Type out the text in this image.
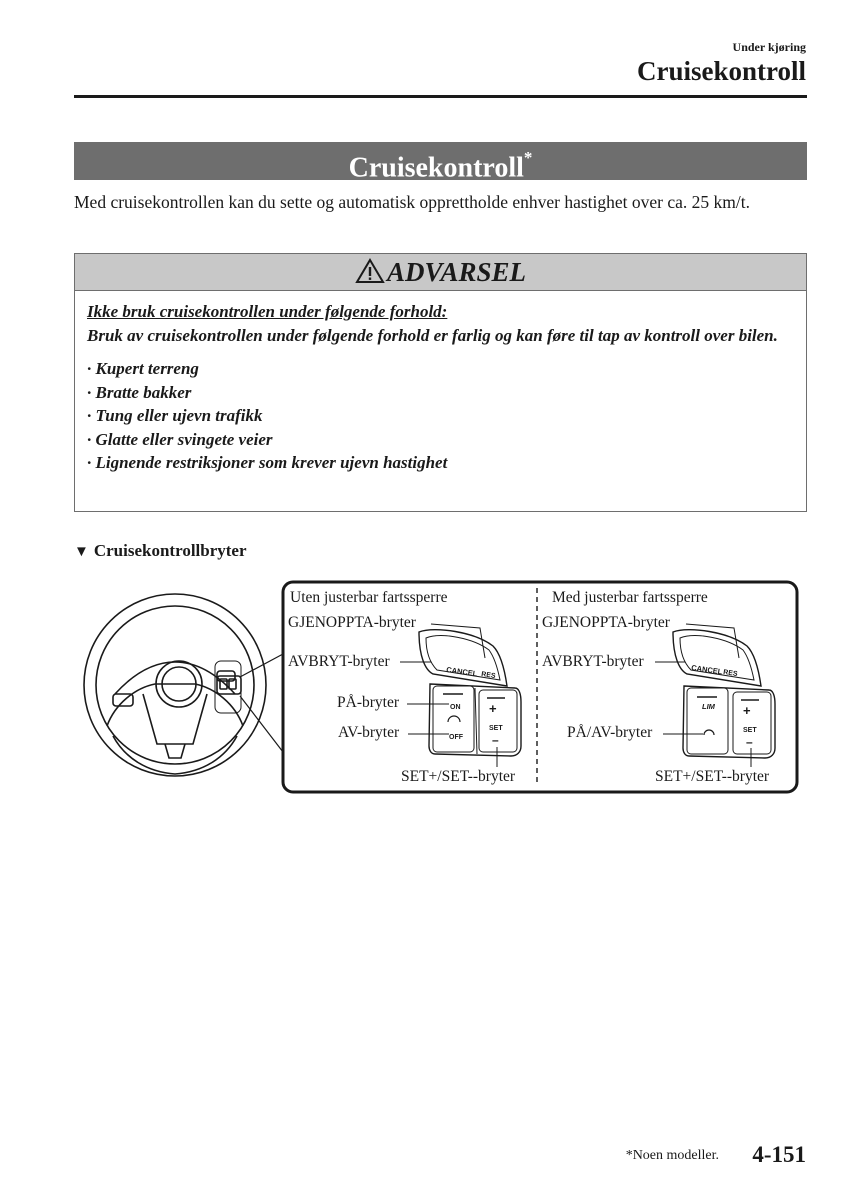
Under kjøring
Cruisekontroll
Cruisekontroll*
Med cruisekontrollen kan du sette og automatisk opprettholde enhver hastighet over ca. 25 km/t.
ADVARSEL
Ikke bruk cruisekontrollen under følgende forhold:
Bruk av cruisekontrollen under følgende forhold er farlig og kan føre til tap av kontroll over bilen.
· Kupert terreng
· Bratte bakker
· Tung eller ujevn trafikk
· Glatte eller svingete veier
· Lignende restriksjoner som krever ujevn hastighet
▼ Cruisekontrollbryter
CANCEL RES
ON
OFF
+
SET
–
CANCEL RES
LIM +
SET
–
Uten justerbar fartssperre
GJENOPPTA-bryter
AVBRYT-bryter
PÅ-bryter
AV-bryter
SET+/SET--bryter
Med justerbar fartssperre
GJENOPPTA-bryter
AVBRYT-bryter
PÅ/AV-bryter
SET+/SET--bryter
*Noen modeller. 4-151
